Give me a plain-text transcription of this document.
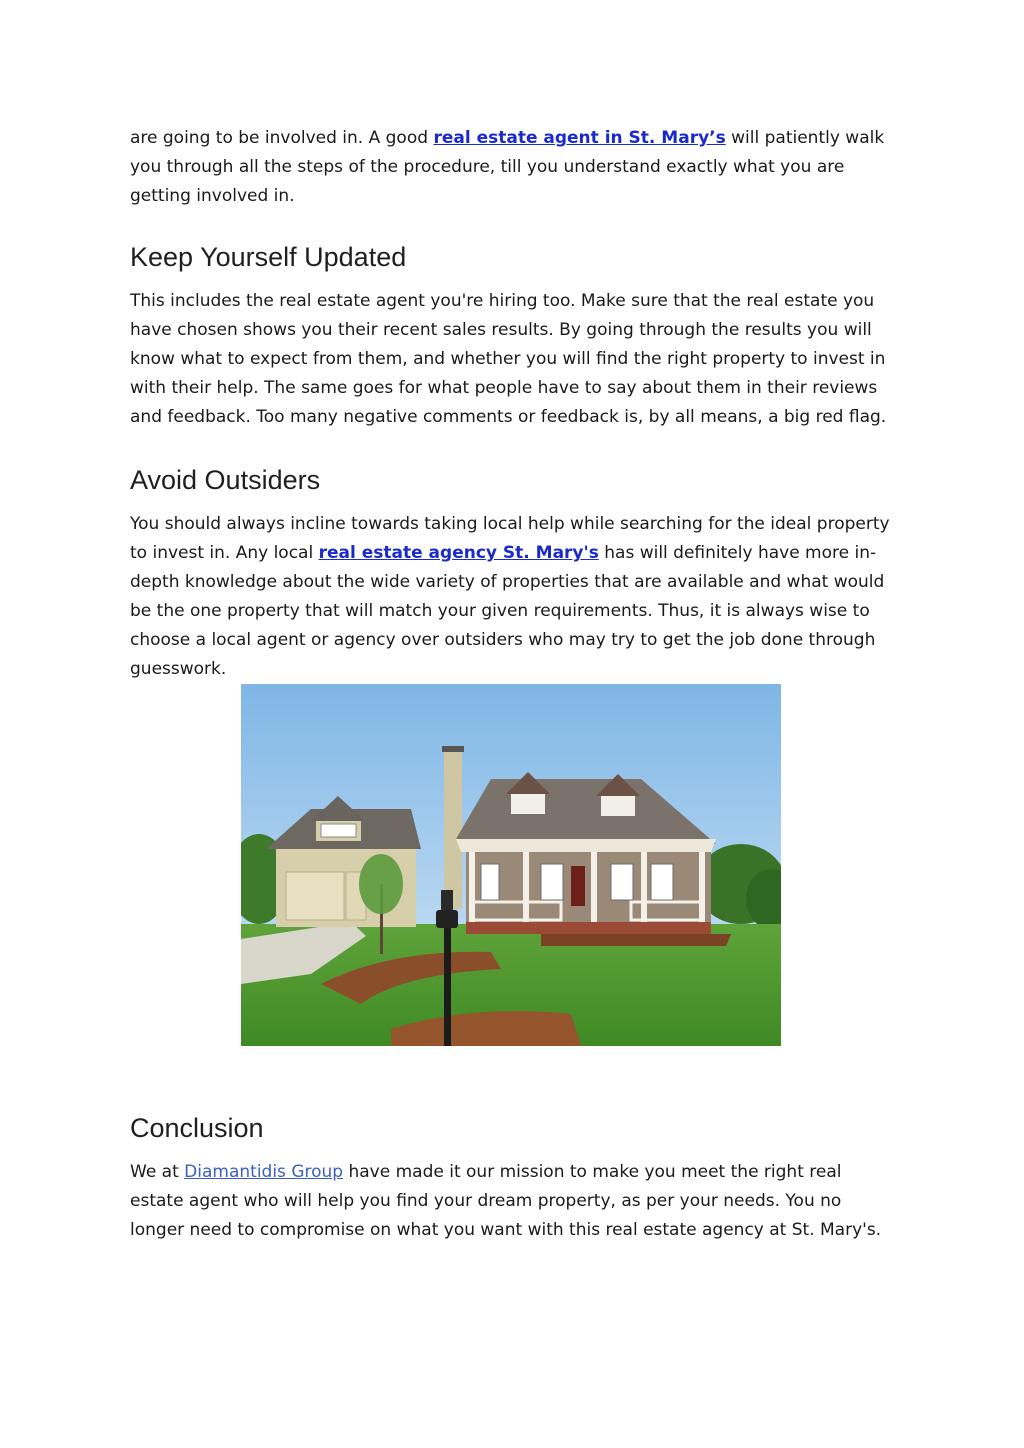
are going to be involved in. A good real estate agent in St. Mary’s will patiently walk you through all the steps of the procedure, till you understand exactly what you are getting involved in.

Keep Yourself Updated

This includes the real estate agent you're hiring too. Make sure that the real estate you have chosen shows you their recent sales results. By going through the results you will know what to expect from them, and whether you will find the right property to invest in with their help. The same goes for what people have to say about them in their reviews and feedback. Too many negative comments or feedback is, by all means, a big red flag.

Avoid Outsiders

You should always incline towards taking local help while searching for the ideal property to invest in. Any local real estate agency St. Mary's has will definitely have more in-depth knowledge about the wide variety of properties that are available and what would be the one property that will match your given requirements. Thus, it is always wise to choose a local agent or agency over outsiders who may try to get the job done through guesswork.

Conclusion

We at Diamantidis Group have made it our mission to make you meet the right real estate agent who will help you find your dream property, as per your needs. You no longer need to compromise on what you want with this real estate agency at St. Mary's.
